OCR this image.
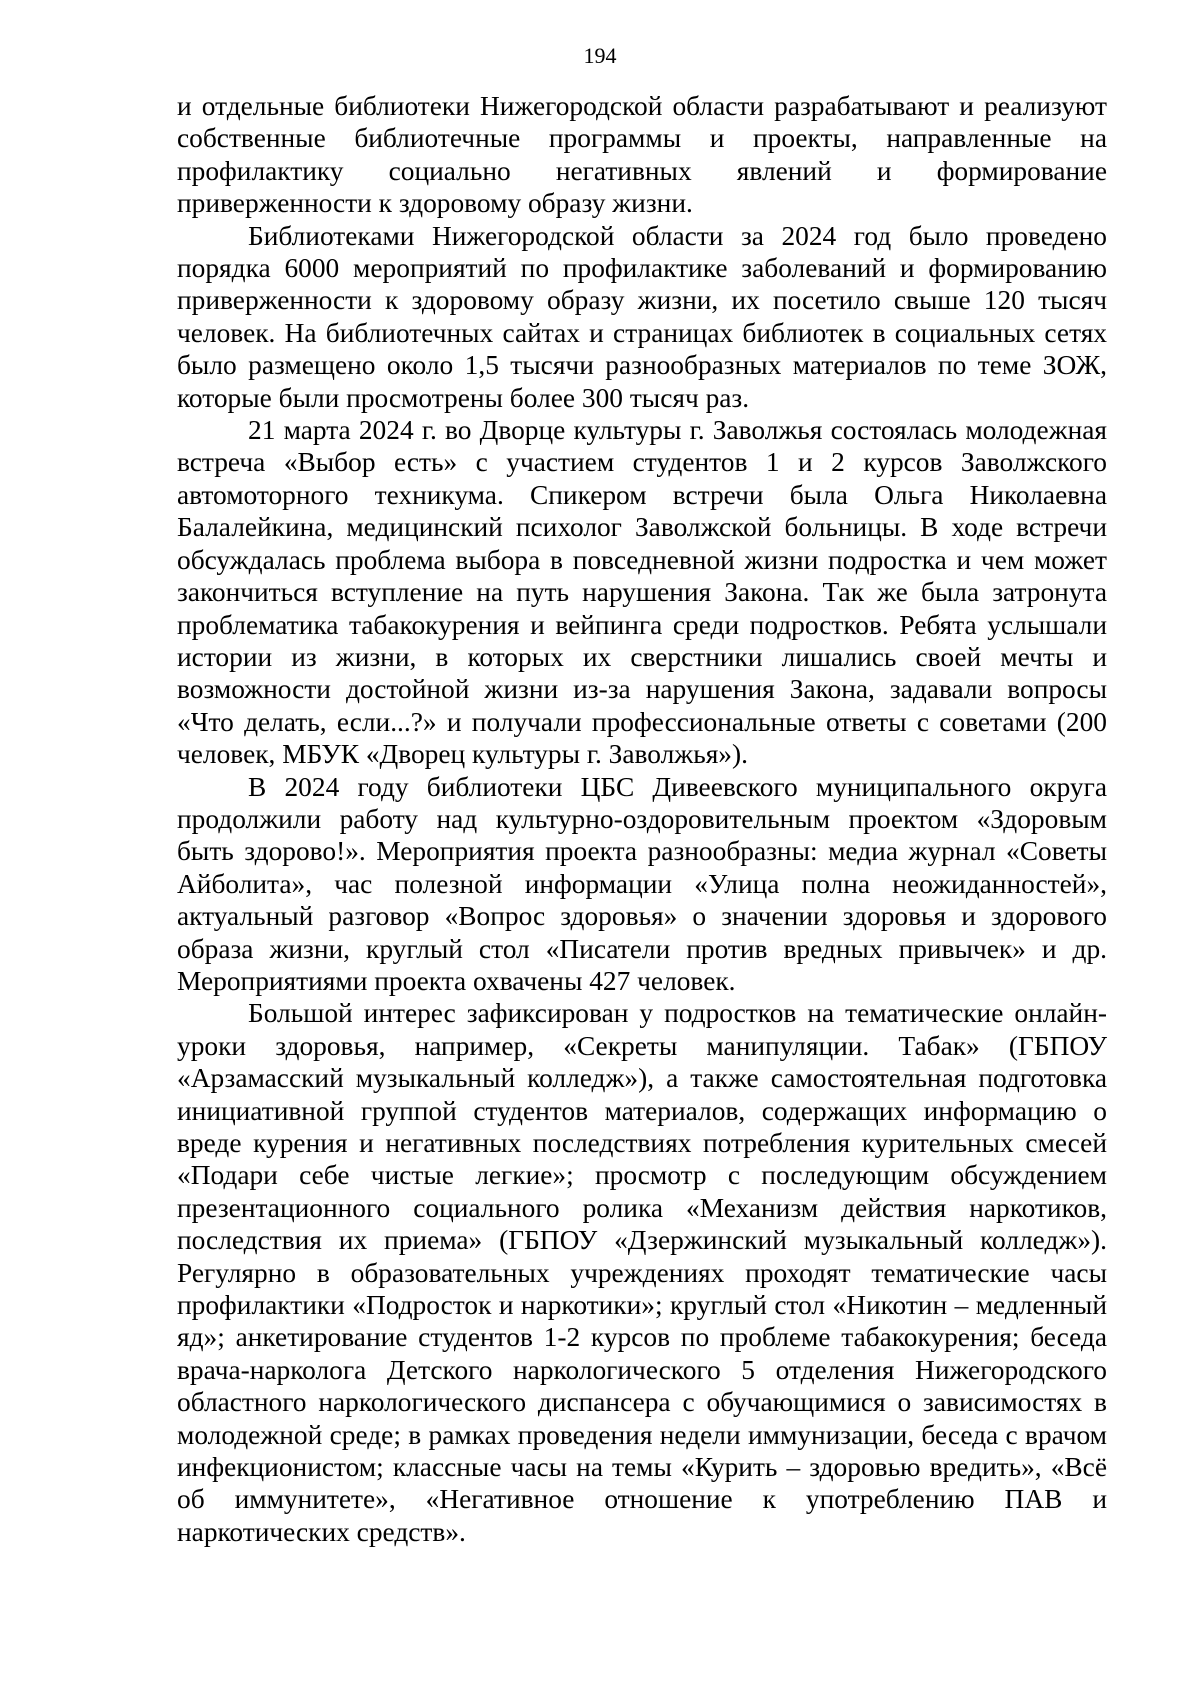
194

и отдельные библиотеки Нижегородской области разрабатывают и реализуют собственные библиотечные программы и проекты, направленные на профилактику социально негативных явлений и формирование приверженности к здоровому образу жизни.

Библиотеками Нижегородской области за 2024 год было проведено порядка 6000 мероприятий по профилактике заболеваний и формированию приверженности к здоровому образу жизни, их посетило свыше 120 тысяч человек. На библиотечных сайтах и страницах библиотек в социальных сетях было размещено около 1,5 тысячи разнообразных материалов по теме ЗОЖ, которые были просмотрены более 300 тысяч раз.

21 марта 2024 г. во Дворце культуры г. Заволжья состоялась молодежная встреча «Выбор есть» с участием студентов 1 и 2 курсов Заволжского автомоторного техникума. Спикером встречи была Ольга Николаевна Балалейкина, медицинский психолог Заволжской больницы. В ходе встречи обсуждалась проблема выбора в повседневной жизни подростка и чем может закончиться вступление на путь нарушения Закона. Так же была затронута проблематика табакокурения и вейпинга среди подростков. Ребята услышали истории из жизни, в которых их сверстники лишались своей мечты и возможности достойной жизни из-за нарушения Закона, задавали вопросы «Что делать, если...?» и получали профессиональные ответы с советами (200 человек, МБУК «Дворец культуры г. Заволжья»).

В 2024 году библиотеки ЦБС Дивеевского муниципального округа продолжили работу над культурно-оздоровительным проектом «Здоровым быть здорово!». Мероприятия проекта разнообразны: медиа журнал «Советы Айболита», час полезной информации «Улица полна неожиданностей», актуальный разговор «Вопрос здоровья» о значении здоровья и здорового образа жизни, круглый стол «Писатели против вредных привычек» и др. Мероприятиями проекта охвачены 427 человек.

Большой интерес зафиксирован у подростков на тематические онлайн-уроки здоровья, например, «Секреты манипуляции. Табак» (ГБПОУ «Арзамасский музыкальный колледж»), а также самостоятельная подготовка инициативной группой студентов материалов, содержащих информацию о вреде курения и негативных последствиях потребления курительных смесей «Подари себе чистые легкие»; просмотр с последующим обсуждением презентационного социального ролика «Механизм действия наркотиков, последствия их приема» (ГБПОУ «Дзержинский музыкальный колледж»). Регулярно в образовательных учреждениях проходят тематические часы профилактики «Подросток и наркотики»; круглый стол «Никотин – медленный яд»; анкетирование студентов 1-2 курсов по проблеме табакокурения; беседа врача-нарколога Детского наркологического 5 отделения Нижегородского областного наркологического диспансера с обучающимися о зависимостях в молодежной среде; в рамках проведения недели иммунизации, беседа с врачом инфекционистом; классные часы на темы «Курить – здоровью вредить», «Всё об иммунитете», «Негативное отношение к употреблению ПАВ и наркотических средств».
